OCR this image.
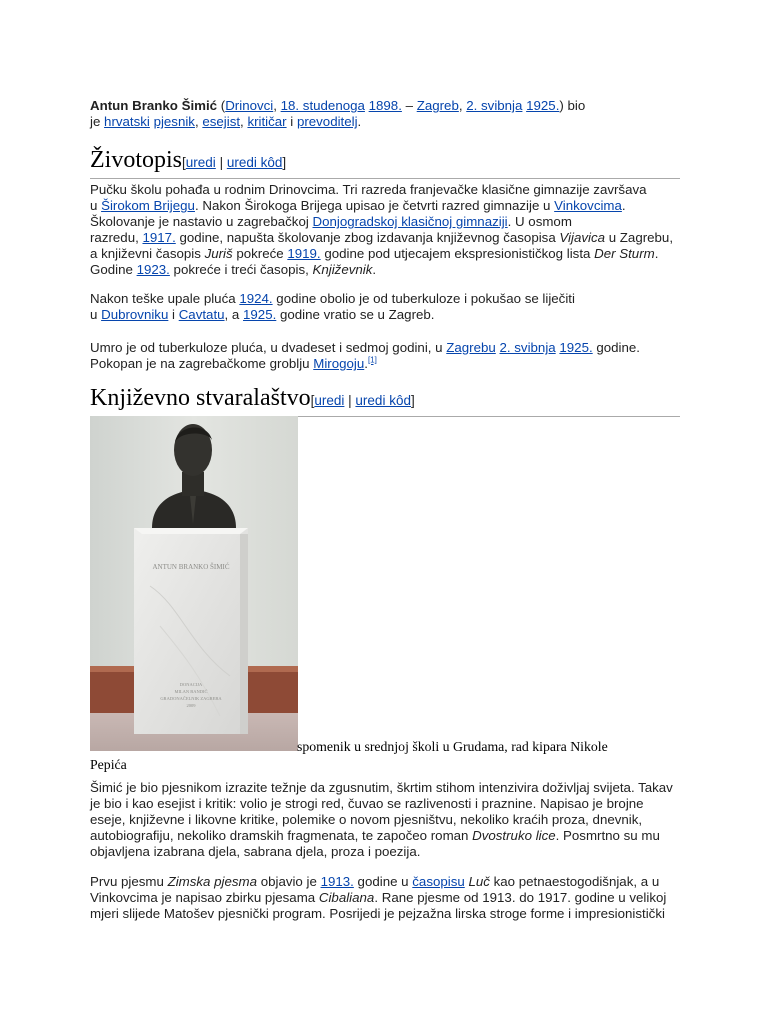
Antun Branko Šimić (Drinovci, 18. studenoga 1898. – Zagreb, 2. svibnja 1925.) bio
je hrvatski pjesnik, esejist, kritičar i prevoditelj.
Životopis[uredi | uredi kôd]
Pučku školu pohađa u rodnim Drinovcima. Tri razreda franjevačke klasične gimnazije završava
u Širokom Brijegu. Nakon Širokoga Brijega upisao je četvrti razred gimnazije u Vinkovcima.
Školovanje je nastavio u zagrebačkoj Donjogradskoj klasičnoj gimnaziji. U osmom
razredu, 1917. godine, napušta školovanje zbog izdavanja književnog časopisa Vijavica u Zagrebu,
a književni časopis Juriš pokreće 1919. godine pod utjecajem ekspresionističkog lista Der Sturm.
Godine 1923. pokreće i treći časopis, Književnik.
Nakon teške upale pluća 1924. godine obolio je od tuberkuloze i pokušao se liječiti
u Dubrovniku i Cavtatu, a 1925. godine vratio se u Zagreb.
Umro je od tuberkuloze pluća, u dvadeset i sedmoj godini, u Zagrebu 2. svibnja 1925. godine.
Pokopan je na zagrebačkome groblju Mirogoju.[1]
Književno stvaralaštvo[uredi | uredi kôd]
ANTUN BRANKO ŠIMIĆ
DONACIJA
MILAN BANDIĆ
GRADONAČELNIK ZAGREBA
2009
spomenik u srednjoj školi u Grudama, rad kipara Nikole
Pepića
Šimić je bio pjesnikom izrazite težnje da zgusnutim, škrtim stihom intenzivira doživljaj svijeta. Takav
je bio i kao esejist i kritik: volio je strogi red, čuvao se razlivenosti i praznine. Napisao je brojne
eseje, književne i likovne kritike, polemike o novom pjesništvu, nekoliko kraćih proza, dnevnik,
autobiografiju, nekoliko dramskih fragmenata, te započeo roman Dvostruko lice. Posmrtno su mu
objavljena izabrana djela, sabrana djela, proza i poezija.
Prvu pjesmu Zimska pjesma objavio je 1913. godine u časopisu Luč kao petnaestogodišnjak, a u
Vinkovcima je napisao zbirku pjesama Cibaliana. Rane pjesme od 1913. do 1917. godine u velikoj
mjeri slijede Matošev pjesnički program. Posrijedi je pejzažna lirska stroge forme i impresionistički
